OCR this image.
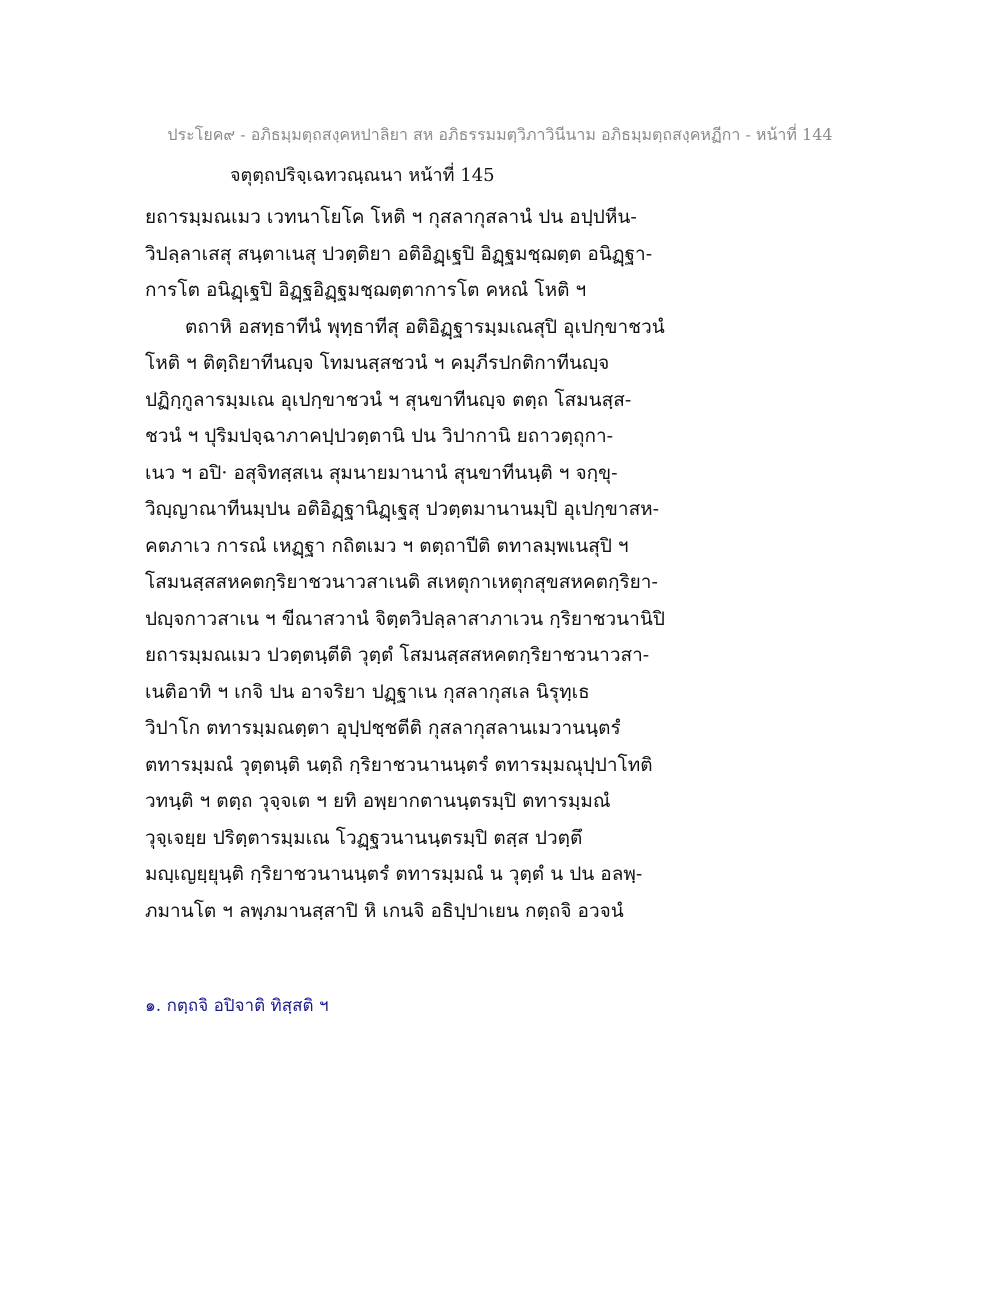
ประโยค๙ - อภิธมฺมตฺถสงฺคหปาลิยา สห อภิธรรมมตฺวิภาวินีนาม อภิธมฺมตฺถสงฺคหฏีกา - หน้าที่ 144
จตุตฺถปริจฺเฉทวณฺณนา หน้าที่ 145
ยถารมฺมณเมว เวทนาโยโค โหติ ฯ กุสลากุสลานํ ปน อปฺปหีน-
วิปลฺลาเสสุ สนฺตาเนสุ ปวตฺติยา อติอิฏฺเฐปิ อิฏฺฐมชฺฌตฺต อนิฏฺฐา-
การโต อนิฏฺเฐปิ อิฏฺฐอิฏฺฐมชฺฌตฺตาการโต คหณํ โหติ ฯ
ตถาหิ อสทฺธาทีนํ พุทฺธาทีสุ อติอิฏฺฐารมฺมเณสุปิ อุเปกฺขาชวนํ
โหติ ฯ ติตฺถิยาทีนญฺจ โทมนสฺสชวนํ ฯ คมฺภีรปกติกาทีนญฺจ
ปฏิกฺกูลารมฺมเณ อุเปกฺขาชวนํ ฯ สุนขาทีนญฺจ ตตฺถ โสมนสฺส-
ชวนํ ฯ ปุริมปจฺฉาภาคปฺปวตฺตานิ ปน วิปากานิ ยถาวตฺถุกา-
เนว ฯ อปิ· อสุจิทสฺสเน สุมนายมานานํ สุนขาทีนนฺติ ฯ จกฺขุ-
วิญฺญาณาทีนมฺปน อติอิฏฺฐานิฏฺเฐสุ ปวตฺตมานานมฺปิ อุเปกฺขาสห-
คตภาเว การณํ เหฏฺฐา กถิตเมว ฯ ตตฺถาปีติ ตทาลมฺพเนสุปิ ฯ
โสมนสฺสสหคตกฺริยาชวนาวสาเนติ สเหตุกาเหตุกสุขสหคตกฺริยา-
ปญฺจกาวสาเน ฯ ขีณาสวานํ จิตฺตวิปลฺลาสาภาเวน กฺริยาชวนานิปิ
ยถารมฺมณเมว ปวตฺตนฺตีติ วุตฺตํ โสมนสฺสสหคตกฺริยาชวนาวสา-
เนติอาทิ ฯ เกจิ ปน อาจริยา ปฏฺฐาเน กุสลากุสเล นิรุทฺเธ
วิปาโก ตทารมฺมณตฺตา อุปฺปชฺชตีติ กุสลากุสลานเมวานนฺตรํ
ตทารมฺมณํ วุตฺตนฺติ นตฺถิ กฺริยาชวนานนฺตรํ ตทารมฺมณุปฺปาโทติ
วทนฺติ ฯ ตตฺถ วุจฺจเต ฯ ยทิ อพฺยากตานนฺตรมฺปิ ตทารมฺมณํ
วุจฺเจยฺย ปริตฺตารมฺมเณ โวฏฺฐวนานนฺตรมฺปิ ตสฺส ปวตฺตึ
มญฺเญยฺยุนฺติ กฺริยาชวนานนฺตรํ ตทารมฺมณํ น วุตฺตํ น ปน อลพฺ-
ภมานโต ฯ ลพฺภมานสฺสาปิ หิ เกนจิ อธิปฺปาเยน กตฺถจิ อวจนํ
๑. กตฺถจิ อปิจาติ ทิสฺสติ ฯ
